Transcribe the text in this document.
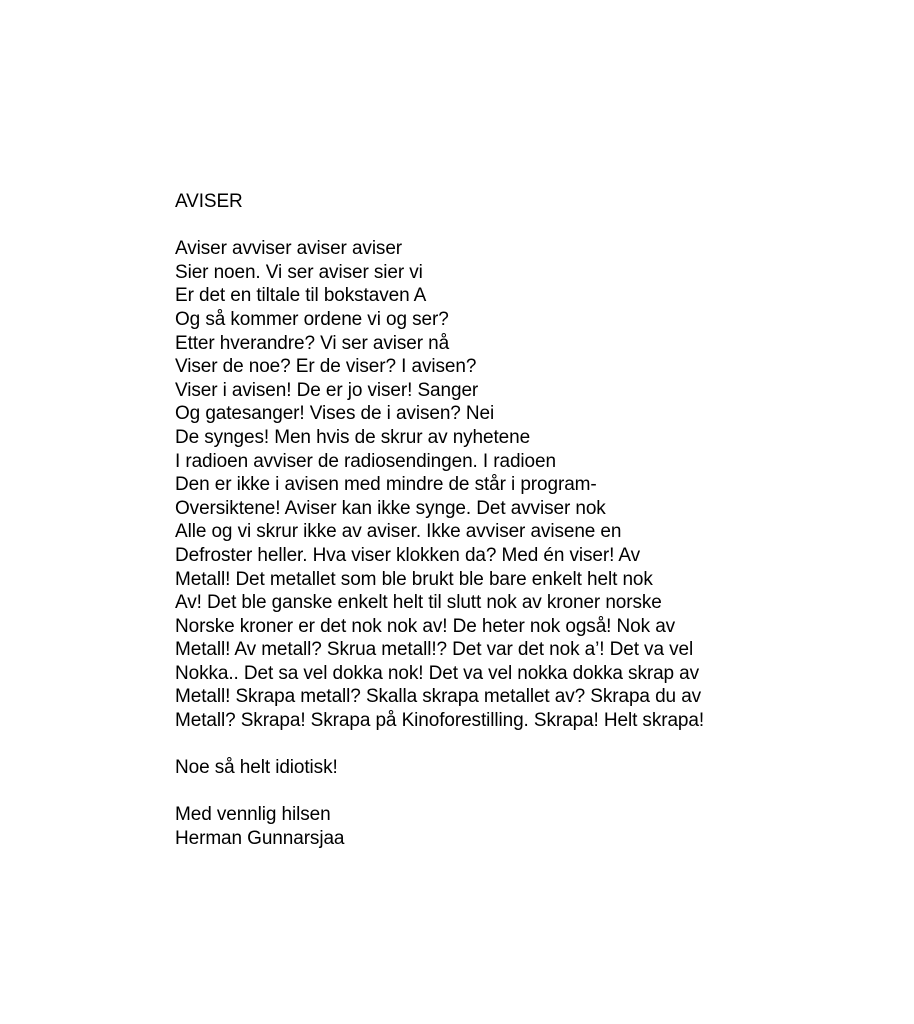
AVISER
Aviser avviser aviser aviser
Sier noen. Vi ser aviser sier vi
Er det en tiltale til bokstaven A
Og så kommer ordene vi og ser?
Etter hverandre? Vi ser aviser nå
Viser de noe? Er de viser? I avisen?
Viser i avisen! De er jo viser! Sanger
Og gatesanger! Vises de i avisen? Nei
De synges! Men hvis de skrur av nyhetene
I radioen avviser de radiosendingen. I radioen
Den er ikke i avisen med mindre de står i program-
Oversiktene! Aviser kan ikke synge. Det avviser nok
Alle og vi skrur ikke av aviser. Ikke avviser avisene en
Defroster heller. Hva viser klokken da? Med én viser! Av
Metall! Det metallet som ble brukt ble bare enkelt helt nok
Av! Det ble ganske enkelt helt til slutt nok av kroner norske
Norske kroner er det nok nok av! De heter nok også! Nok av
Metall! Av metall? Skrua metall!? Det var det nok a’! Det va vel
Nokka.. Det sa vel dokka nok! Det va vel nokka dokka skrap av
Metall! Skrapa metall? Skalla skrapa metallet av? Skrapa du av
Metall? Skrapa! Skrapa på Kinoforestilling. Skrapa! Helt skrapa!
Noe så helt idiotisk!
Med vennlig hilsen
Herman Gunnarsjaa
